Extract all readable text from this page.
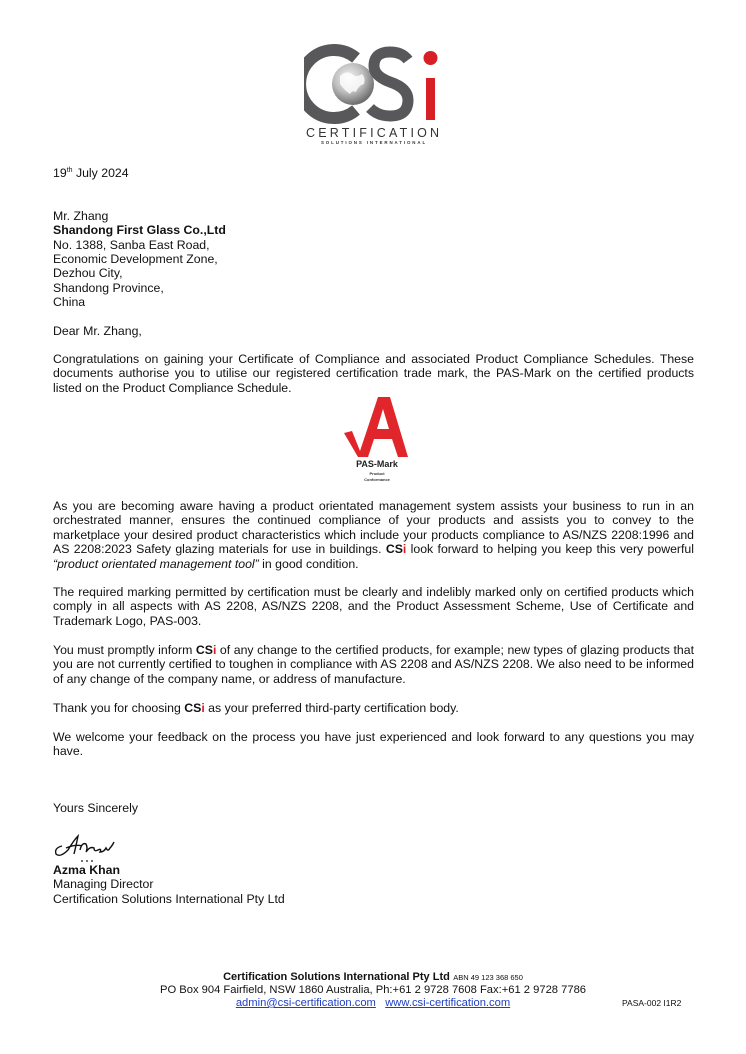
CERTIFICATION
SOLUTIONS INTERNATIONAL
19th July 2024
Mr. Zhang
Shandong First Glass Co.,Ltd
No. 1388, Sanba East Road,
Economic Development Zone,
Dezhou City,
Shandong Province,
China
Dear Mr. Zhang,
Congratulations on gaining your Certificate of Compliance and associated Product Compliance Schedules. These documents authorise you to utilise our registered certification trade mark, the PAS-Mark on the certified products listed on the Product Compliance Schedule.
PAS-Mark
Product
Conformance
As you are becoming aware having a product orientated management system assists your business to run in an orchestrated manner, ensures the continued compliance of your products and assists you to convey to the marketplace your desired product characteristics which include your products compliance to AS/NZS 2208:1996 and AS 2208:2023 Safety glazing materials for use in buildings. CSi look forward to helping you keep this very powerful “product orientated management tool” in good condition.
The required marking permitted by certification must be clearly and indelibly marked only on certified products which comply in all aspects with AS 2208, AS/NZS 2208, and the Product Assessment Scheme, Use of Certificate and Trademark Logo, PAS-003.
You must promptly inform CSi of any change to the certified products, for example; new types of glazing products that you are not currently certified to toughen in compliance with AS 2208 and AS/NZS 2208. We also need to be informed of any change of the company name, or address of manufacture.
Thank you for choosing CSi as your preferred third-party certification body.
We welcome your feedback on the process you have just experienced and look forward to any questions you may have.
Yours Sincerely
Azma Khan
Managing Director
Certification Solutions International Pty Ltd
Certification Solutions International Pty Ltd ABN 49 123 368 650
PO Box 904 Fairfield, NSW 1860 Australia, Ph:+61 2 9728 7608 Fax:+61 2 9728 7786
admin@csi-certification.com www.csi-certification.com	PASA-002 I1R2
